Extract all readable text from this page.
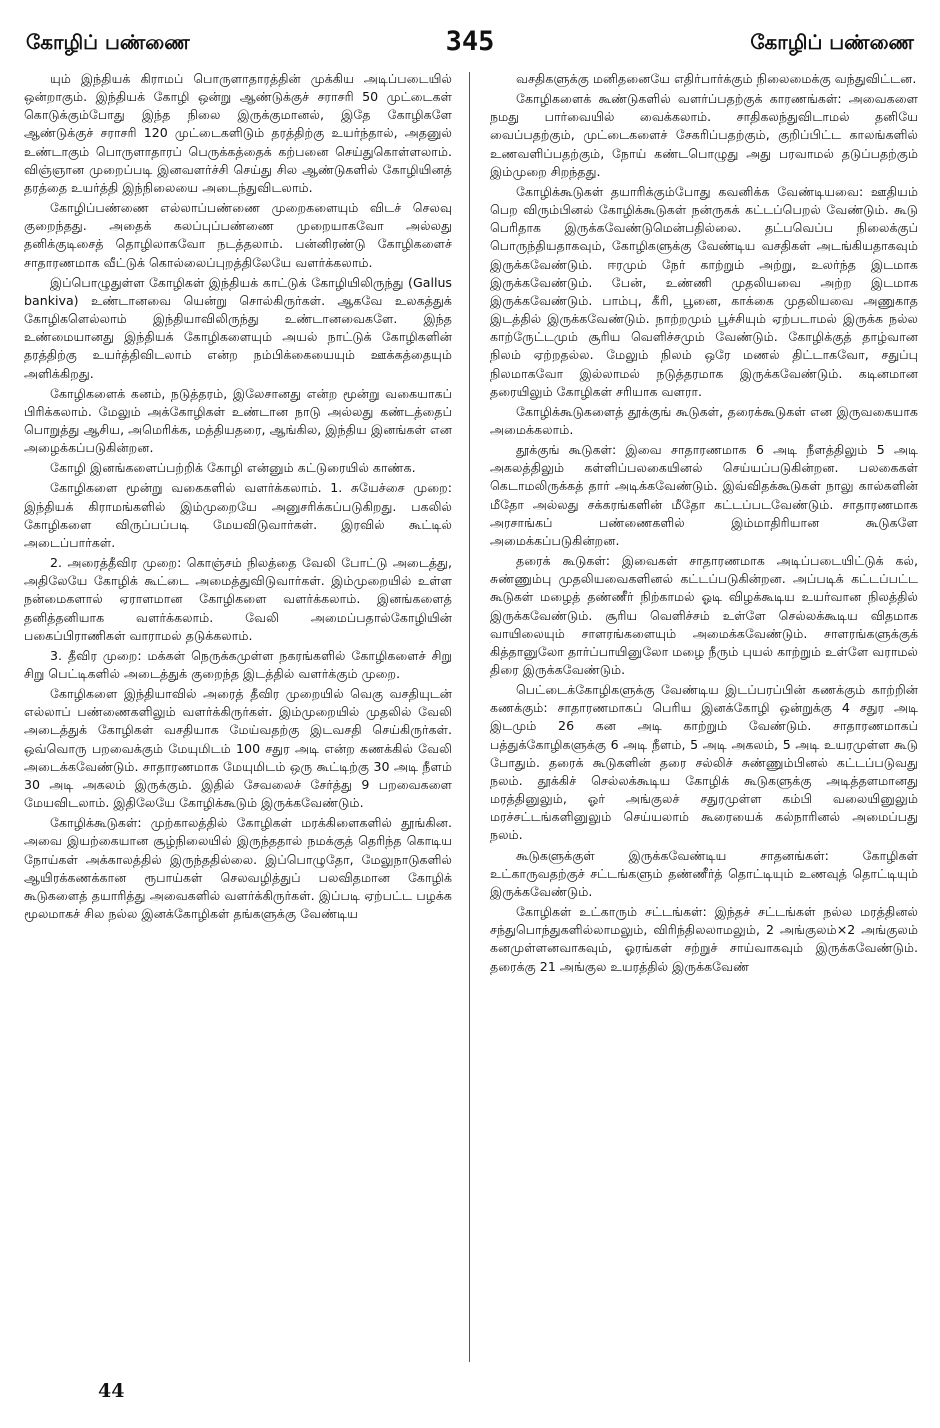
கோழிப் பண்ணை	345	கோழிப் பண்ணை

யும் இந்தியக் கிராமப் பொருளாதாரத்தின் முக்கிய அடிப்படையில் ஒன்றாகும். இந்தியக் கோழி ஒன்று ஆண்டுக்குச் சராசரி 50 முட்டைகள் கொடுக்கும்போது இந்த நிலை இருக்குமானல், இதே கோழிகளே ஆண்டுக்குச் சராசரி 120 முட்டைகளிடும் தரத்திற்கு உயர்ந்தால், அதனுல் உண்டாகும் பொருளாதாரப் பெருக்கத்தைக் கற்பனை செய்துகொள்ளலாம். விஞ்ஞான முறைப்படி இனவளர்ச்சி செய்து சில ஆண்டுகளில் கோழியினத் தரத்தை உயர்த்தி இந்நிலையை அடைந்துவிடலாம்.

கோழிப்பண்ணை எல்லாப்பண்ணை முறைகளையும் விடச் செலவு குறைந்தது. அதைக் கலப்புப்பண்ணை முறையாகவோ அல்லது தனிக்குடிசைத் தொழிலாகவோ நடத்தலாம். பன்னிரண்டு கோழிகளைச் சாதாரணமாக வீட்டுக் கொல்லைப்புறத்திலேயே வளர்க்கலாம்.

இப்பொழுதுள்ள கோழிகள் இந்தியக் காட்டுக் கோழியிலிருந்து (Gallus bankiva) உண்டானவை யென்று சொல்கிருர்கள். ஆகவே உலகத்துக் கோழிகளெல்லாம் இந்தியாவிலிருந்து உண்டானவைகளே. இந்த உண்மையானது இந்தியக் கோழிகளையும் அயல் நாட்டுக் கோழிகளின் தரத்திற்கு உயர்த்திவிடலாம் என்ற நம்பிக்கையையும் ஊக்கத்தையும் அளிக்கிறது.

கோழிகளைக் கனம், நடுத்தரம், இலேசானது என்ற மூன்று வகையாகப் பிரிக்கலாம். மேலும் அக்கோழிகள் உண்டான நாடு அல்லது கண்டத்தைப் பொறுத்து ஆசிய, அமெரிக்க, மத்தியதரை, ஆங்கில, இந்திய இனங்கள் என அழைக்கப்படுகின்றன.

கோழி இனங்களைப்பற்றிக் கோழி என்னும் கட்டுரையில் காண்க.

கோழிகளை மூன்று வகைகளில் வளர்க்கலாம். 1. சுயேச்சை முறை: இந்தியக் கிராமங்களில் இம்முறையே அனுசரிக்கப்படுகிறது. பகலில் கோழிகளை விருப்பப்படி மேயவிடுவார்கள். இரவில் கூட்டில் அடைப்பார்கள்.

2. அரைத்தீவிர முறை: கொஞ்சம் நிலத்தை வேலி போட்டு அடைத்து, அதிலேயே கோழிக் கூட்டை அமைத்துவிடுவார்கள். இம்முறையில் உள்ள நன்மைகளால் ஏராளமான கோழிகளை வளர்க்கலாம். இனங்களைத் தனித்தனியாக வளர்க்கலாம். வேலி அமைப்பதால்கோழியின் பகைப்பிராணிகள் வாராமல் தடுக்கலாம்.

3. தீவிர முறை: மக்கள் நெருக்கமுள்ள நகரங்களில் கோழிகளைச் சிறு சிறு பெட்டிகளில் அடைத்துக் குறைந்த இடத்தில் வளர்க்கும் முறை.

கோழிகளை இந்தியாவில் அரைத் தீவிர முறையில் வெகு வசதியுடன் எல்லாப் பண்ணைகளிலும் வளர்க்கிருர்கள். இம்முறையில் முதலில் வேலி அடைத்துக் கோழிகள் வசதியாக மேய்வதற்கு இடவசதி செய்கிருர்கள். ஒவ்வொரு பறவைக்கும் மேயுமிடம் 100 சதுர அடி என்ற கணக்கில் வேலி அடைக்கவேண்டும். சாதாரணமாக மேயுமிடம் ஒரு கூட்டிற்கு 30 அடி நீளம் 30 அடி அகலம் இருக்கும். இதில் சேவலைச் சேர்த்து 9 பறவைகளை மேயவிடலாம். இதிலேயே கோழிக்கூடும் இருக்கவேண்டும்.

கோழிக்கூடுகள்: முற்காலத்தில் கோழிகள் மரக்கிளைகளில் தூங்கின. அவை இயற்கையான சூழ்நிலையில் இருந்ததால் நமக்குத் தெரிந்த கொடிய நோய்கள் அக்காலத்தில் இருந்ததில்லை. இப்பொழுதோ, மேலுநாடுகளில் ஆயிரக்கணக்கான ரூபாய்கள் செலவழித்துப் பலவிதமான கோழிக் கூடுகளைத் தயாரித்து அவைகளில் வளர்க்கிருர்கள். இப்படி ஏற்பட்ட பழக்க மூலமாகச் சில நல்ல இனக்கோழிகள் தங்களுக்கு வேண்டிய

வசதிகளுக்கு மனிதனையே எதிர்பார்க்கும் நிலைமைக்கு வந்துவிட்டன.

கோழிகளைக் கூண்டுகளில் வளர்ப்பதற்குக் காரணங்கள்: அவைகளை நமது பார்வையில் வைக்கலாம். சாதிகலந்துவிடாமல் தனியே வைப்பதற்கும், முட்டைகளைச் சேகரிப்பதற்கும், குறிப்பிட்ட காலங்களில் உணவளிப்பதற்கும், நோய் கண்டபொழுது அது பரவாமல் தடுப்பதற்கும் இம்முறை சிறந்தது.

கோழிக்கூடுகள் தயாரிக்கும்போது கவனிக்க வேண்டியவை: ஊதியம் பெற விரும்பினல் கோழிக்கூடுகள் நன்ருகக் கட்டப்பெறல் வேண்டும். கூடு பெரிதாக இருக்கவேண்டுமென்பதில்லை. தட்பவெப்ப நிலைக்குப் பொருந்தியதாகவும், கோழிகளுக்கு வேண்டிய வசதிகள் அடங்கியதாகவும் இருக்கவேண்டும். ஈரமும் நேர் காற்றும் அற்று, உலர்ந்த இடமாக இருக்கவேண்டும். பேன், உண்ணி முதலியவை அற்ற இடமாக இருக்கவேண்டும். பாம்பு, கீரி, பூனை, காக்கை முதலியவை அணுகாத இடத்தில் இருக்கவேண்டும். நாற்றமும் பூச்சியும் ஏற்படாமல் இருக்க நல்ல காற்ருேட்டமும் சூரிய வெளிச்சமும் வேண்டும். கோழிக்குத் தாழ்வான நிலம் ஏற்றதல்ல. மேலும் நிலம் ஒரே மணல் திட்டாகவோ, சதுப்பு நிலமாகவோ இல்லாமல் நடுத்தரமாக இருக்கவேண்டும். கடினமான தரையிலும் கோழிகள் சரியாக வளரா.

கோழிக்கூடுகளைத் தூக்குங் கூடுகள், தரைக்கூடுகள் என இருவகையாக அமைக்கலாம்.

தூக்குங் கூடுகள்: இவை சாதாரணமாக 6 அடி நீளத்திலும் 5 அடி அகலத்திலும் கள்ளிப்பலகையினல் செய்யப்படுகின்றன. பலகைகள் கெடாமலிருக்கத் தார் அடிக்கவேண்டும். இவ்விதக்கூடுகள் நாலு கால்களின் மீதோ அல்லது சக்கரங்களின் மீதோ கட்டப்படவேண்டும். சாதாரணமாக அரசாங்கப் பண்ணைகளில் இம்மாதிரியான கூடுகளே அமைக்கப்படுகின்றன.

தரைக் கூடுகள்: இவைகள் சாதாரணமாக அடிப்படையிட்டுக் கல், சுண்ணும்பு முதலியவைகளினல் கட்டப்படுகின்றன. அப்படிக் கட்டப்பட்ட கூடுகள் மழைத் தண்ணீர் நிற்காமல் ஓடி விழக்கூடிய உயர்வான நிலத்தில் இருக்கவேண்டும். சூரிய வெளிச்சம் உள்ளே செல்லக்கூடிய விதமாக வாயிலையும் சாளரங்களையும் அமைக்கவேண்டும். சாளரங்களுக்குக் கித்தானுலோ தார்ப்பாயினுலோ மழை நீரும் புயல் காற்றும் உள்ளே வராமல் திரை இருக்கவேண்டும்.

பெட்டைக்கோழிகளுக்கு வேண்டிய இடப்பரப்பின் கணக்கும் காற்றின் கணக்கும்: சாதாரணமாகப் பெரிய இனக்கோழி ஒன்றுக்கு 4 சதுர அடி இடமும் 26 கன அடி காற்றும் வேண்டும். சாதாரணமாகப் பத்துக்கோழிகளுக்கு 6 அடி நீளம், 5 அடி அகலம், 5 அடி உயரமுள்ள கூடு போதும். தரைக் கூடுகளின் தரை சல்லிச் சுண்ணும்பினல் கட்டப்படுவது நலம். தூக்கிச் செல்லக்கூடிய கோழிக் கூடுகளுக்கு அடித்தளமானது மரத்தினுலும், ஓர் அங்குலச் சதுரமுள்ள கம்பி வலையினுலும் மரச்சட்டங்களினுலும் செய்யலாம் கூரையைக் கல்நாரினல் அமைப்பது நலம்.

கூடுகளுக்குள் இருக்கவேண்டிய சாதனங்கள்: கோழிகள் உட்காருவதற்குச் சட்டங்களும் தண்ணீர்த் தொட்டியும் உணவுத் தொட்டியும் இருக்கவேண்டும்.

கோழிகள் உட்காரும் சட்டங்கள்: இந்தச் சட்டங்கள் நல்ல மரத்தினல் சந்துபொந்துகளில்லாமலும், விரிந்திலலாமலும், 2 அங்குலம்×2 அங்குலம் கனமுள்ளனவாகவும், ஓரங்கள் சற்றுச் சாய்வாகவும் இருக்கவேண்டும். தரைக்கு 21 அங்குல உயரத்தில் இருக்கவேண்

44
